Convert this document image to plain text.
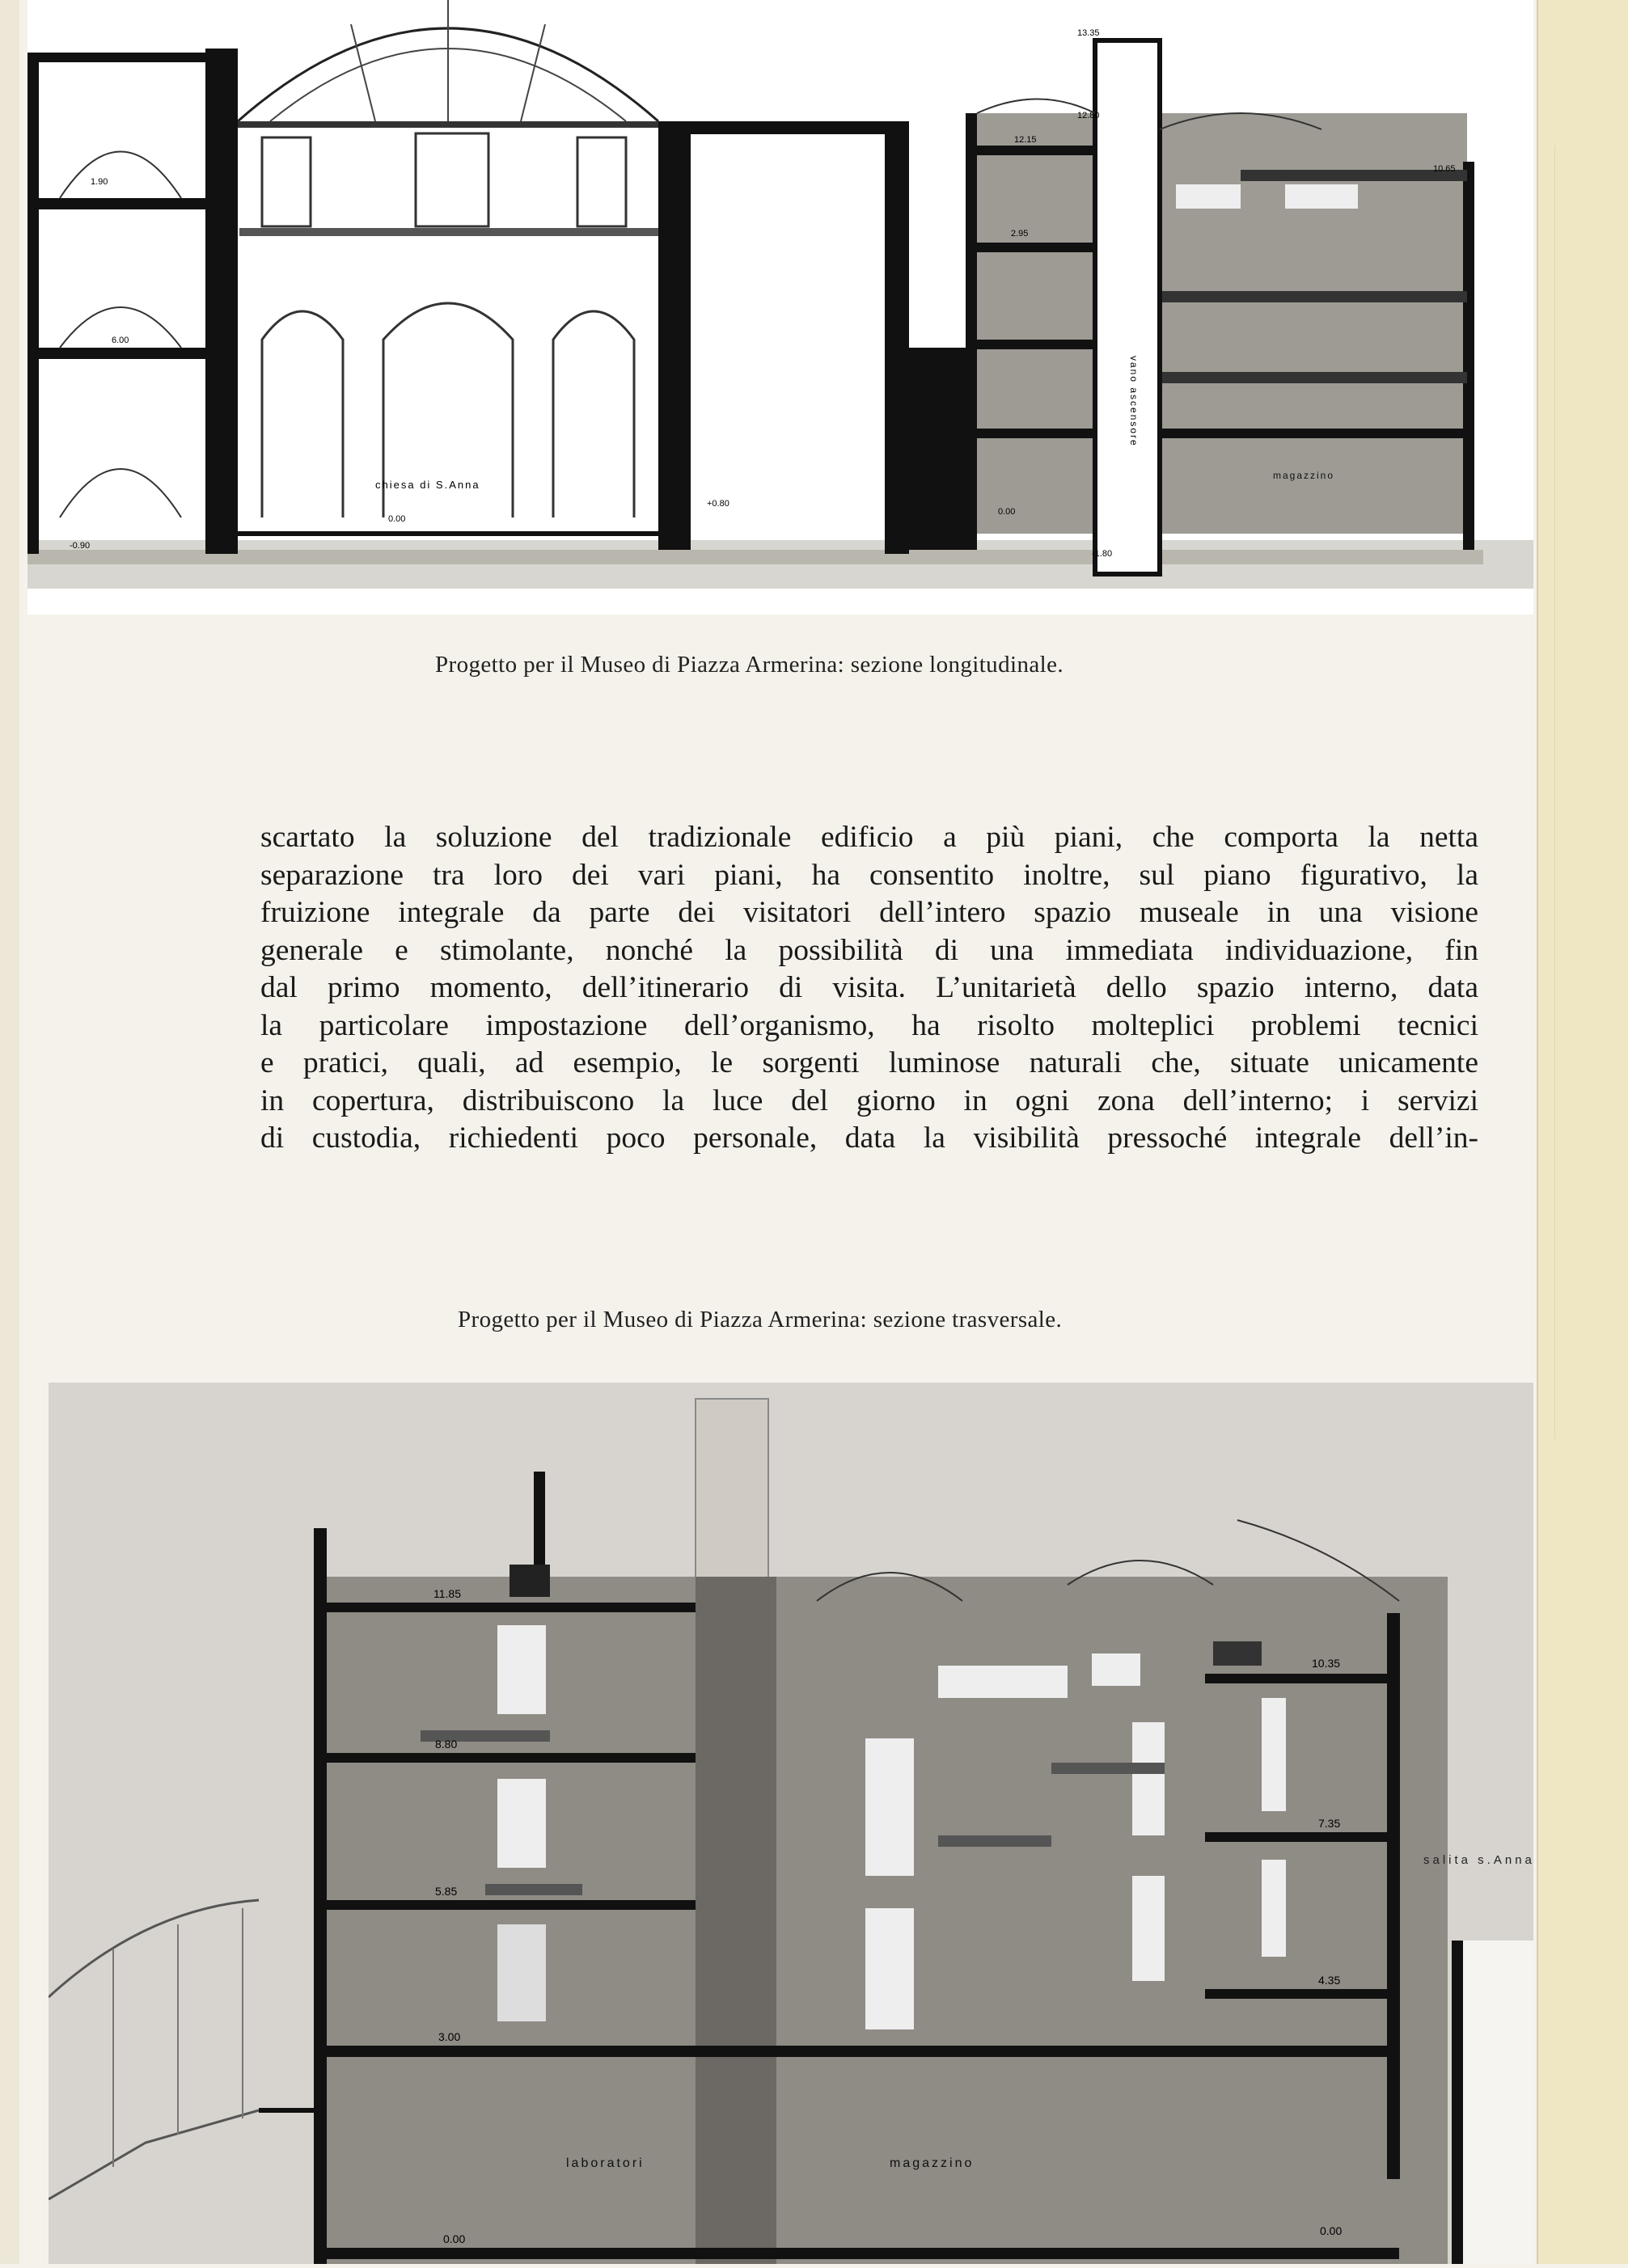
1.90
6.00
-0.90
0.00
+0.80
13.35
12.80
12.15
10.65
2.95
0.00
-1.80
chiesa di S.Anna
magazzino
vano ascensore
Progetto per il Museo di Piazza Armerina: sezione longitudinale.

scartato la soluzione del tradizionale edificio a più piani, che comporta la netta

separazione tra loro dei vari piani, ha consentito inoltre, sul piano figurativo, la

fruizione integrale da parte dei visitatori dell’intero spazio museale in una visione

generale e stimolante, nonché la possibilità di una immediata individuazione, fin

dal primo momento, dell’itinerario di visita. L’unitarietà dello spazio interno, data

la particolare impostazione dell’organismo, ha risolto molteplici problemi tecnici

e pratici, quali, ad esempio, le sorgenti luminose naturali che, situate unicamente

in copertura, distribuiscono la luce del giorno in ogni zona dell’interno; i servizi

di custodia, richiedenti poco personale, data la visibilità pressoché integrale dell’in-

Progetto per il Museo di Piazza Armerina: sezione trasversale.
11.85
8.80
5.85
3.00
0.00
10.35
7.35
4.35
0.00
laboratori	magazzino
salita s.Anna
